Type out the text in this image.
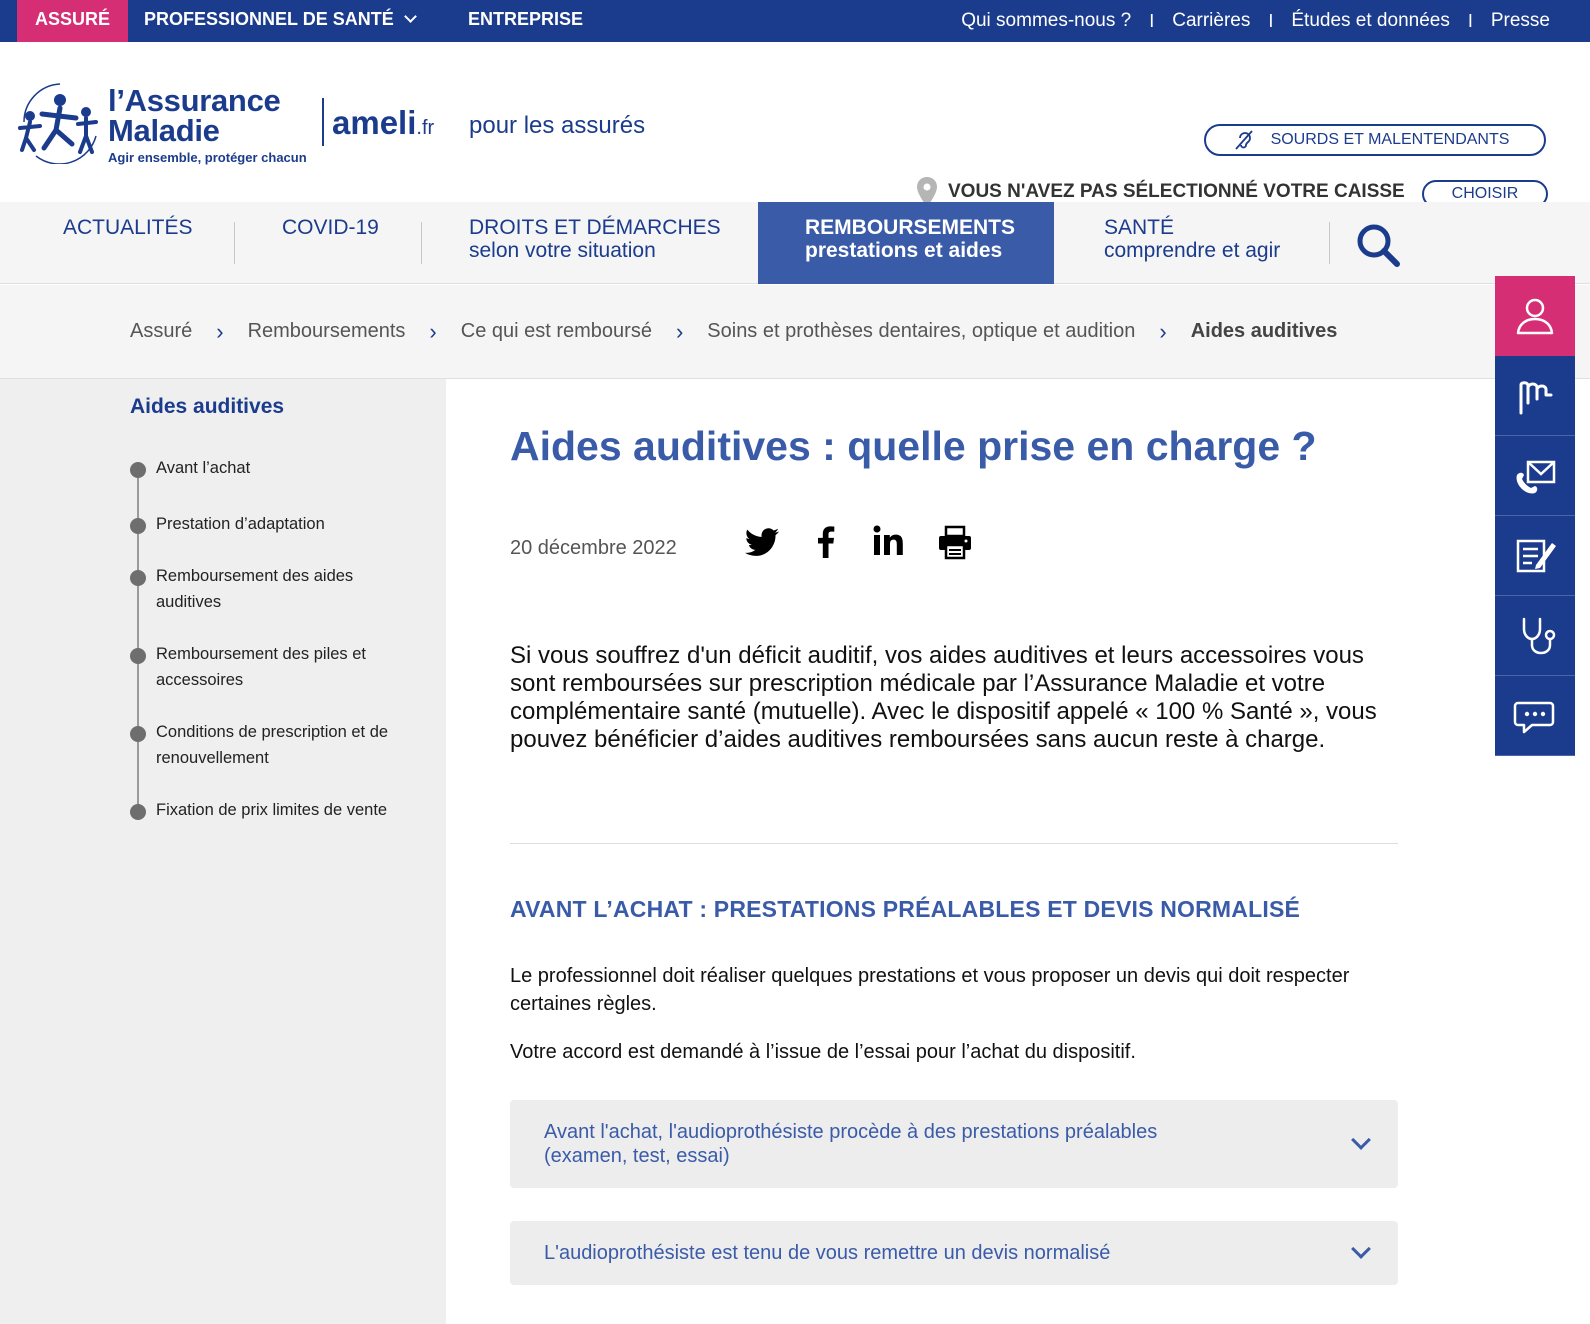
ASSURÉ	PROFESSIONNEL DE SANTÉ	ENTREPRISE	Qui sommes-nous ? I Carrières I Études et données I Presse
l’Assurance
Maladie
Agir ensemble, protéger chacun
ameli.fr pour les assurés
SOURDS ET MALENTENDANTS
VOUS N'AVEZ PAS SÉLECTIONNÉ VOTRE CAISSE	CHOISIR
ACTUALITÉS	COVID-19	DROITS ET DÉMARCHES
selon votre situation
REMBOURSEMENTS
prestations et aides
SANTÉ
comprendre et agir
Assuré › Remboursements › Ce qui est remboursé › Soins et prothèses dentaires, optique et audition › Aides auditives
Aides auditives
Avant l’achat
Prestation d’adaptation
Remboursement des aides auditives
Remboursement des piles et accessoires
Conditions de prescription et de renouvellement
Fixation de prix limites de vente
Aides auditives : quelle prise en charge ?
20 décembre 2022

Si vous souffrez d'un déficit auditif, vos aides auditives et leurs accessoires vous sont remboursées sur prescription médicale par l’Assurance Maladie et votre complémentaire santé (mutuelle). Avec le dispositif appelé « 100 % Santé », vous pouvez bénéficier d’aides auditives remboursées sans aucun reste à charge.

AVANT L’ACHAT : PRESTATIONS PRÉALABLES ET DEVIS NORMALISÉ

Le professionnel doit réaliser quelques prestations et vous proposer un devis qui doit respecter certaines règles.

Votre accord est demandé à l’issue de l’essai pour l’achat du dispositif.

Avant l'achat, l'audioprothésiste procède à des prestations préalables (examen, test, essai)
L'audioprothésiste est tenu de vous remettre un devis normalisé
